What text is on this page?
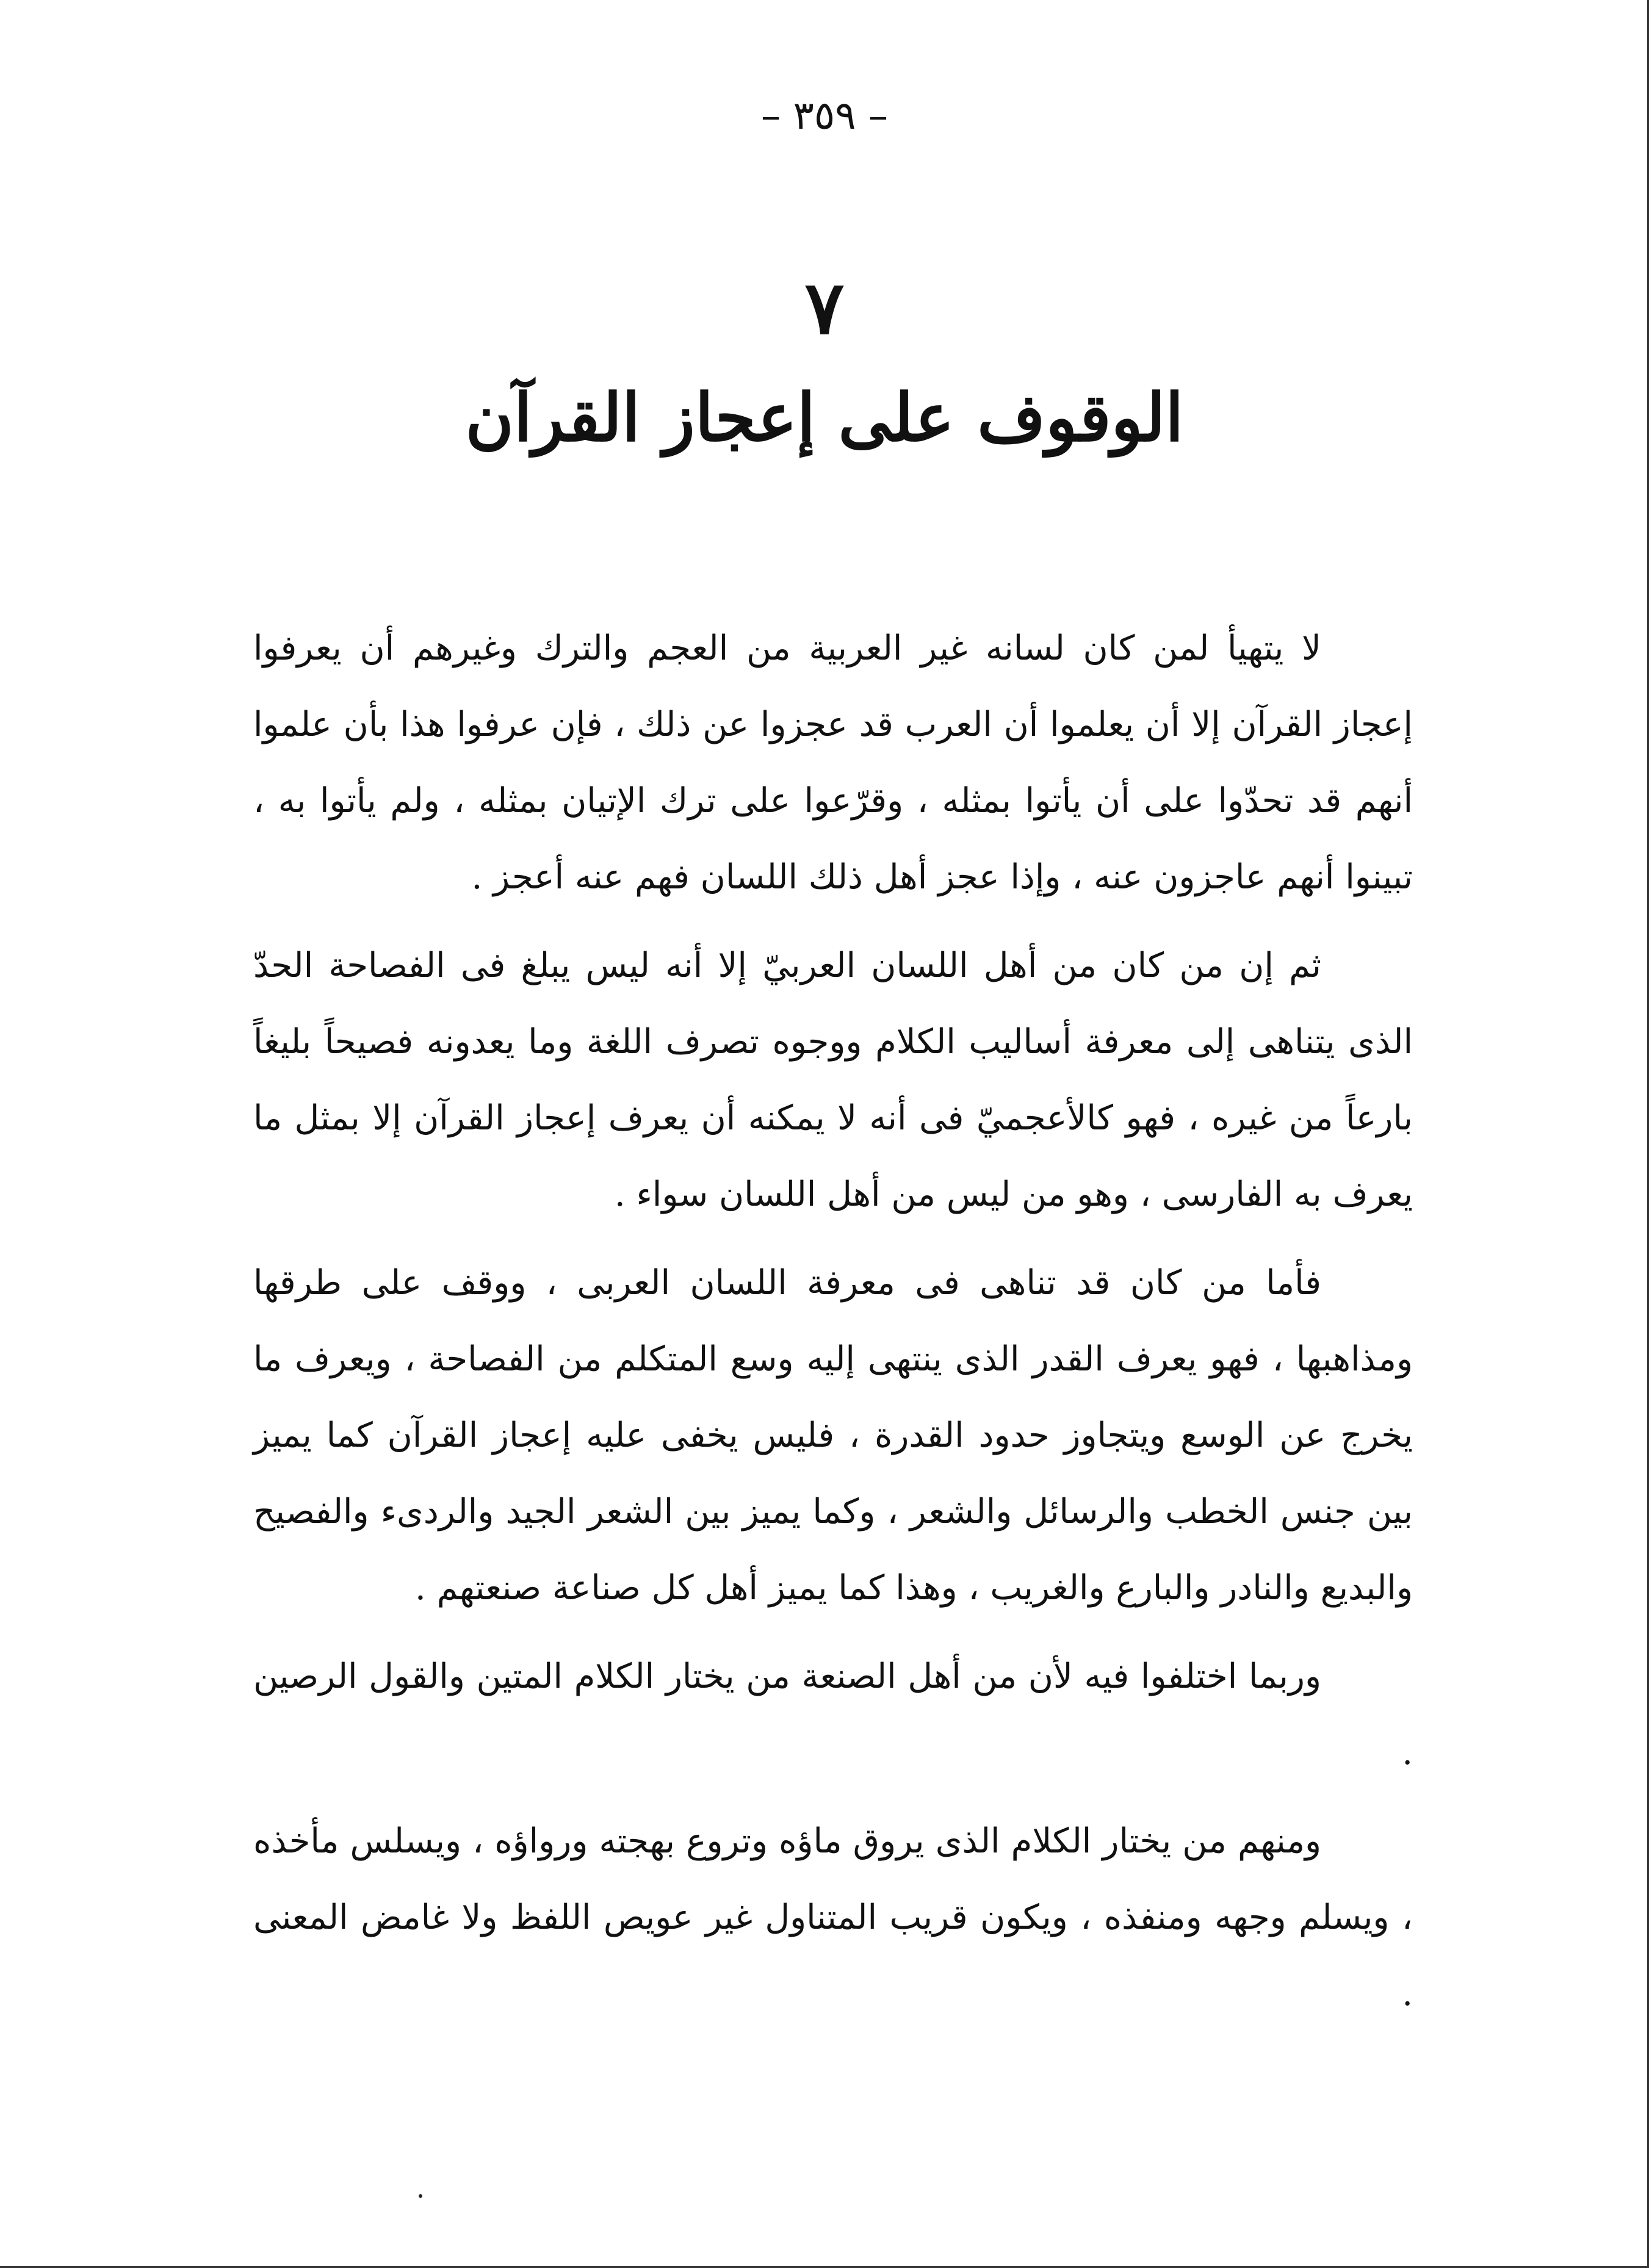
– ٣٥٩ –
٧
الوقوف على إعجاز القرآن

لا يتهيأ لمن كان لسانه غير العربية من العجم والترك وغيرهم أن يعرفوا إعجاز القرآن إلا أن يعلموا أن العرب قد عجزوا عن ذلك ، فإن عرفوا هذا بأن علموا أنهم قد تحدّوا على أن يأتوا بمثله ، وقرّعوا على ترك الإتيان بمثله ، ولم يأتوا به ، تبينوا أنهم عاجزون عنه ، وإذا عجز أهل ذلك اللسان فهم عنه أعجز .

ثم إن من كان من أهل اللسان العربيّ إلا أنه ليس يبلغ فى الفصاحة الحدّ الذى يتناهى إلى معرفة أساليب الكلام ووجوه تصرف اللغة وما يعدونه فصيحاً بليغاً بارعاً من غيره ، فهو كالأعجميّ فى أنه لا يمكنه أن يعرف إعجاز القرآن إلا بمثل ما يعرف به الفارسى ، وهو من ليس من أهل اللسان سواء .

فأما من كان قد تناهى فى معرفة اللسان العربى ، ووقف على طرقها ومذاهبها ، فهو يعرف القدر الذى ينتهى إليه وسع المتكلم من الفصاحة ، ويعرف ما يخرج عن الوسع ويتجاوز حدود القدرة ، فليس يخفى عليه إعجاز القرآن كما يميز بين جنس الخطب والرسائل والشعر ، وكما يميز بين الشعر الجيد والردىء والفصيح والبديع والنادر والبارع والغريب ، وهذا كما يميز أهل كل صناعة صنعتهم .

وربما اختلفوا فيه لأن من أهل الصنعة من يختار الكلام المتين والقول الرصين .

ومنهم من يختار الكلام الذى يروق ماؤه وتروع بهجته ورواؤه ، ويسلس مأخذه ، ويسلم وجهه ومنفذه ، ويكون قريب المتناول غير عويص اللفظ ولا غامض المعنى .
